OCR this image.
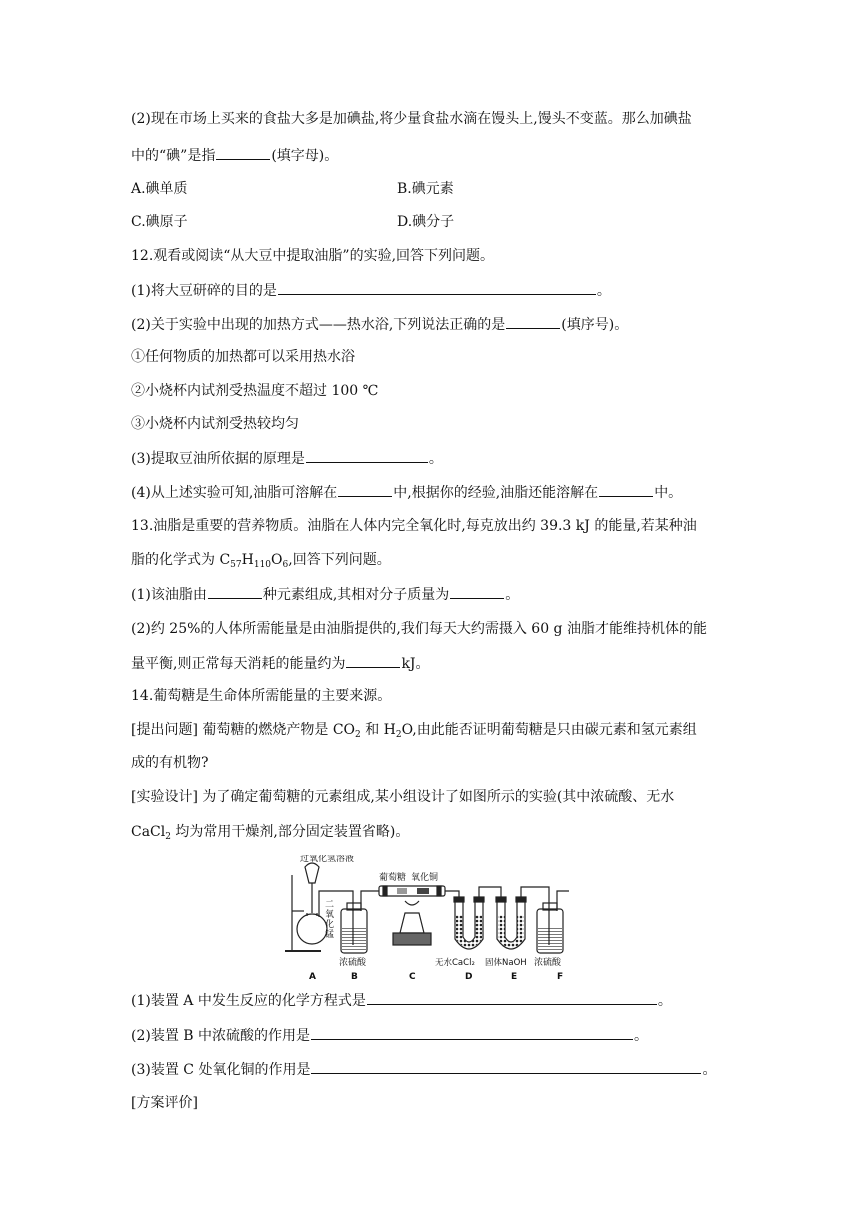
(2)现在市场上买来的食盐大多是加碘盐,将少量食盐水滴在馒头上,馒头不变蓝。那么加碘盐
中的“碘”是指	(填字母)。
A.碘单质	B.碘元素
C.碘原子	D.碘分子
12.观看或阅读“从大豆中提取油脂”的实验,回答下列问题。
(1)将大豆研碎的目的是	。
(2)关于实验中出现的加热方式——热水浴,下列说法正确的是	(填序号)。
①任何物质的加热都可以采用热水浴
②小烧杯内试剂受热温度不超过 100 ℃
③小烧杯内试剂受热较均匀
(3)提取豆油所依据的原理是	。
(4)从上述实验可知,油脂可溶解在	中,根据你的经验,油脂还能溶解在	中。
13.油脂是重要的营养物质。油脂在人体内完全氧化时,每克放出约 39.3 kJ 的能量,若某种油
脂的化学式为 $C_{57}H_{110}O_6$,回答下列问题。
(1)该油脂由	种元素组成,其相对分子质量为	。
(2)约 25%的人体所需能量是由油脂提供的,我们每天大约需摄入 60 g 油脂才能维持机体的能
量平衡,则正常每天消耗的能量约为	kJ。
14.葡萄糖是生命体所需能量的主要来源。
[提出问题] 葡萄糖的燃烧产物是 $CO_2$ 和 $H_2O$,由此能否证明葡萄糖是只由碳元素和氢元素组
成的有机物?
[实验设计] 为了确定葡萄糖的元素组成,某小组设计了如图所示的实验(其中浓硫酸、无水
CaCl$_2$ 均为常用干燥剂,部分固定装置省略)。
过氧化氢溶液
葡萄糖 氧化铜
二
氧
化
锰
浓硫酸	无水CaCl₂ 固体NaOH 浓硫酸
A	B	C	D	E	F
(1)装置 A 中发生反应的化学方程式是	。
(2)装置 B 中浓硫酸的作用是	。
(3)装置 C 处氧化铜的作用是	。
[方案评价]
